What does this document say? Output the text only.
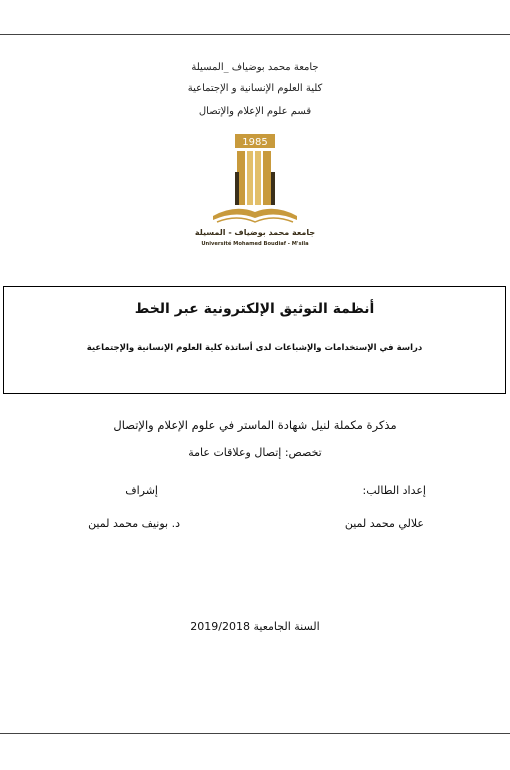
جامعة محمد بوضياف _المسيلة
كلية العلوم الإنسانية و الإجتماعية
قسم علوم الإعلام والإتصال
1985
جامعة محمد بوضياف - المسيلة
Université Mohamed Boudiaf - M'sila
أنظمة التوثيق الإلكترونية عبر الخط
دراسة في الإستخدامات والإشباعات لدى أساتذة كلية العلوم الإنسانية والإجتماعية
مذكرة مكملة لنيل شهادة الماستر في علوم الإعلام والإتصال
تخصص: إتصال وعلاقات عامة
إعداد الطالب:
إشراف
علالي محمد لمين
د. بونيف محمد لمين
السنة الجامعية 2019/2018
